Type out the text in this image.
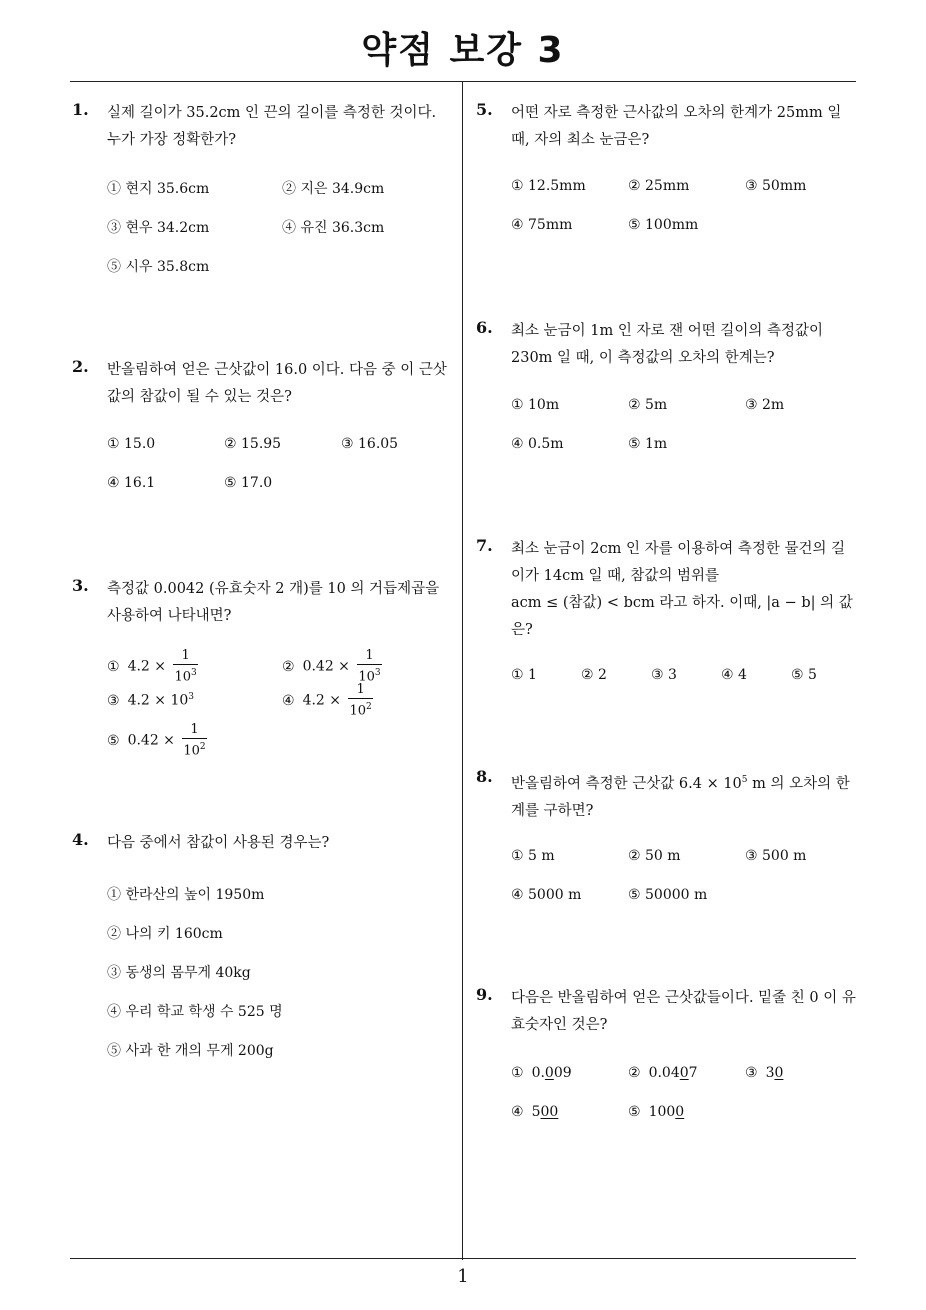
약점 보강 3
1
1. 실제 길이가 35.2cm 인 끈의 길이를 측정한 것이다. 누가 가장 정확한가?
① 현지 35.6cm	② 지은 34.9cm
③ 현우 34.2cm	④ 유진 36.3cm
⑤ 시우 35.8cm
2. 반올림하여 얻은 근삿값이 16.0 이다. 다음 중 이 근삿값의 참값이 될 수 있는 것은?
① 15.0	② 15.95	③ 16.05
④ 16.1	⑤ 17.0
3. 측정값 0.0042 (유효숫자 2 개)를 10 의 거듭제곱을 사용하여 나타내면?
① $4.2 \times \frac{1}{10^3}$	② $0.42 \times \frac{1}{10^3}$
③ $4.2 \times 10^3$	④ $4.2 \times \frac{1}{10^2}$
⑤ $0.42 \times \frac{1}{10^2}$
4. 다음 중에서 참값이 사용된 경우는?
① 한라산의 높이 1950m
② 나의 키 160cm
③ 동생의 몸무게 40kg
④ 우리 학교 학생 수 525 명
⑤ 사과 한 개의 무게 200g
5. 어떤 자로 측정한 근사값의 오차의 한계가 25mm 일 때, 자의 최소 눈금은?
① 12.5mm	② 25mm	③ 50mm
④ 75mm	⑤ 100mm
6. 최소 눈금이 1m 인 자로 잰 어떤 길이의 측정값이 230m 일 때, 이 측정값의 오차의 한계는?
① 10m	② 5m	③ 2m
④ 0.5m	⑤ 1m
7. 최소 눈금이 2cm 인 자를 이용하여 측정한 물건의 길이가 14cm 일 때, 참값의 범위를
acm ≤ (참값) < bcm 라고 하자. 이때, |a − b| 의 값은?
① 1	② 2	③ 3	④ 4	⑤ 5
8. 반올림하여 측정한 근삿값 $6.4 \times 10^5$ m 의 오차의 한계를 구하면?
① 5 m	② 50 m	③ 500 m
④ 5000 m	⑤ 50000 m
9. 다음은 반올림하여 얻은 근삿값들이다. 밑줄 친 0 이 유효숫자인 것은?
① 0.009	② 0.0407	③ 30
④ 500	⑤ 1000
